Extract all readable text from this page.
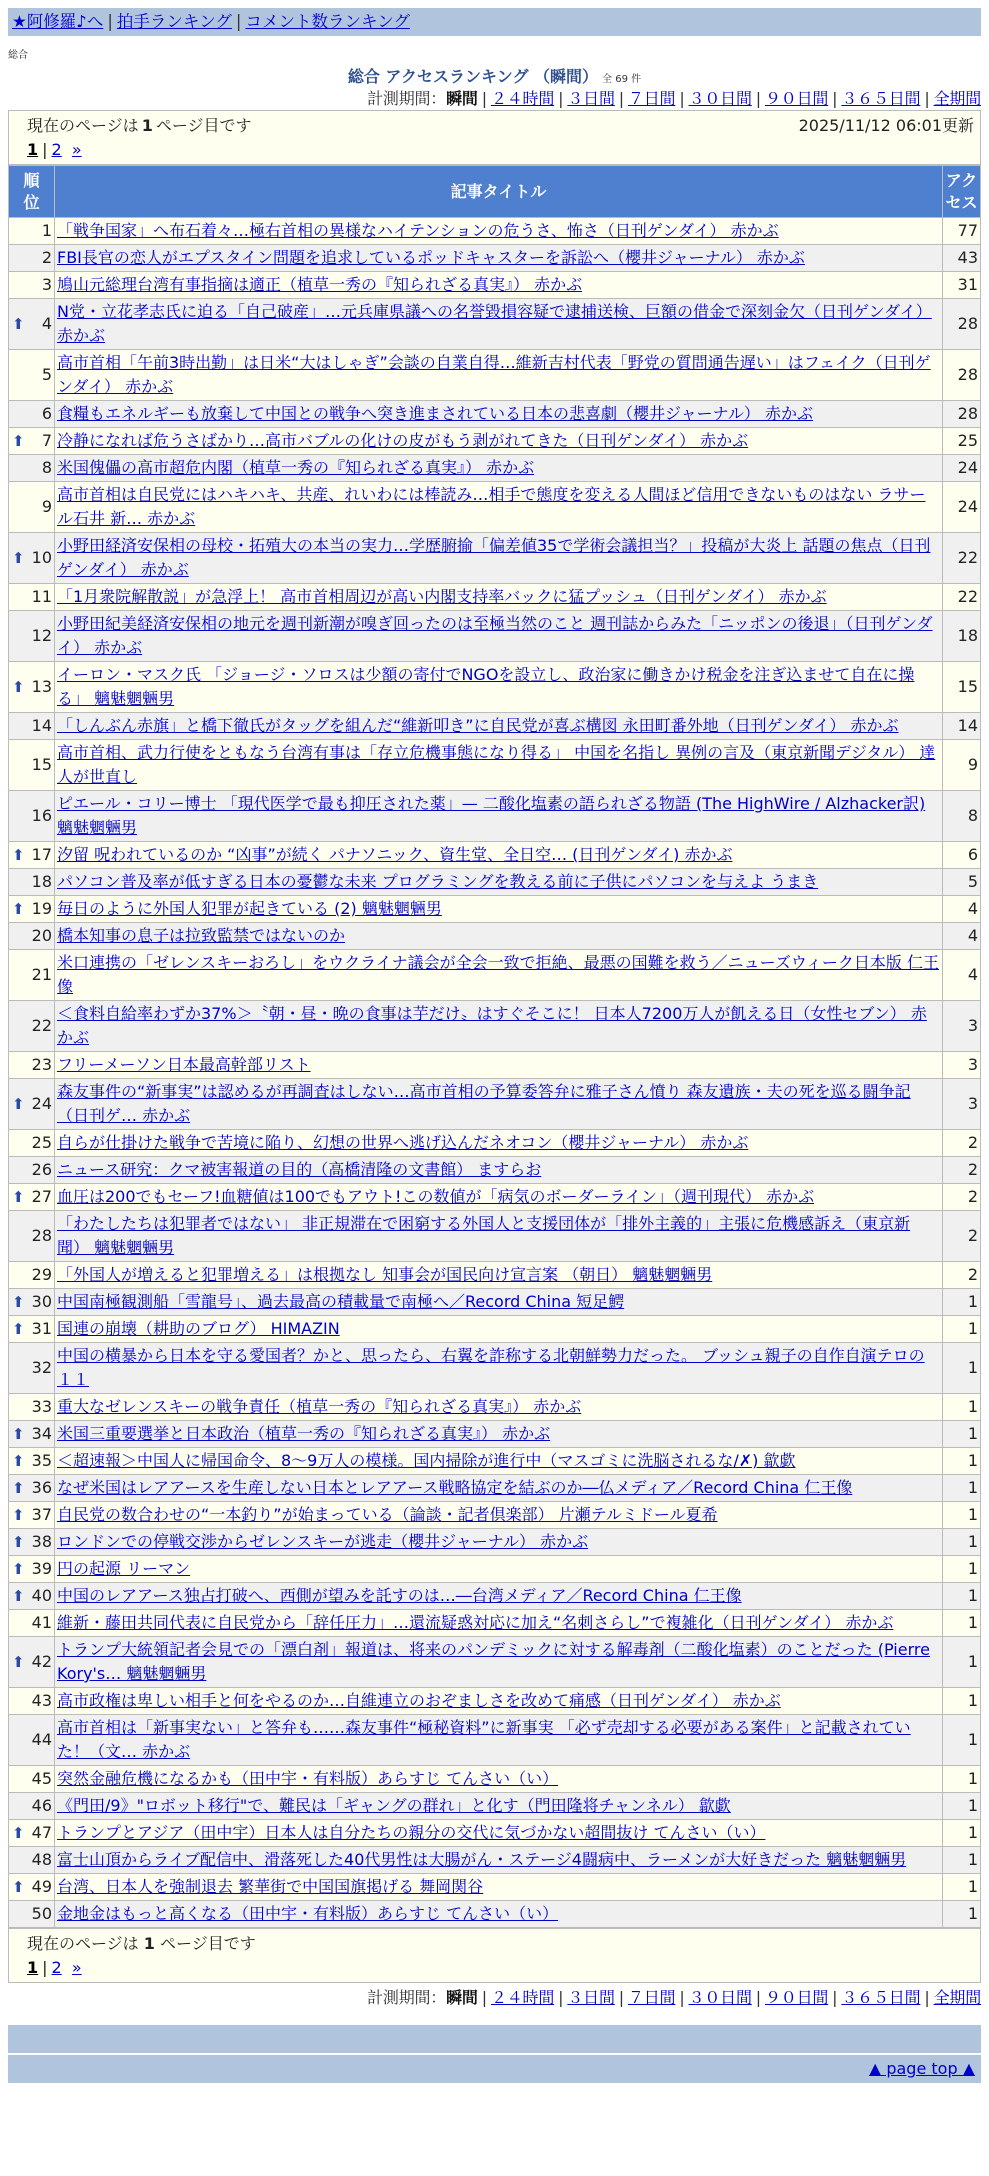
★阿修羅♪へ | 拍手ランキング | コメント数ランキング
総合
総合 アクセスランキング （瞬間） 全 69 件
計測期間：瞬間 | ２４時間 | ３日間 | ７日間 | ３０日間 | ９０日間 | ３６５日間 | 全期間
現在のページは 1 ページ目です	2025/11/12 06:01更新
1 | 2 »
順位	記事タイトル	アクセス
1	「戦争国家」へ布石着々…極右首相の異様なハイテンションの危うさ、怖さ（日刊ゲンダイ） 赤かぶ	77
2	FBI長官の恋人がエプスタイン問題を追求しているポッドキャスターを訴訟へ（櫻井ジャーナル） 赤かぶ	43
3	鳩山元総理台湾有事指摘は適正（植草一秀の『知られざる真実』） 赤かぶ	31

⬆ 4	N党・立花孝志氏に迫る「自己破産」…元兵庫県議への名誉毀損容疑で逮捕送検、巨額の借金で深刻金欠（日刊ゲンダイ） 赤かぶ	28
5	高市首相「午前3時出勤」は日米“大はしゃぎ”会談の自業自得…維新吉村代表「野党の質問通告遅い」はフェイク（日刊ゲンダイ） 赤かぶ	28
6	食糧もエネルギーも放棄して中国との戦争へ突き進まされている日本の悲喜劇（櫻井ジャーナル） 赤かぶ	28

⬆ 7	冷静になれば危うさばかり…高市バブルの化けの皮がもう剥がれてきた（日刊ゲンダイ） 赤かぶ	25
8	米国傀儡の高市超危内閣（植草一秀の『知られざる真実』） 赤かぶ	24
9	高市首相は自民党にはハキハキ、共産、れいわには棒読み…相手で態度を変える人間ほど信用できないものはない ラサール石井 新… 赤かぶ	24

⬆ 10	小野田経済安保相の母校・拓殖大の本当の実力…学歴腑揄「偏差値35で学術会議担当？」投稿が大炎上 話題の焦点（日刊ゲンダイ） 赤かぶ	22
11	「1月衆院解散説」が急浮上！ 高市首相周辺が高い内閣支持率バックに猛プッシュ（日刊ゲンダイ） 赤かぶ	22
12	小野田紀美経済安保相の地元を週刊新潮が嗅ぎ回ったのは至極当然のこと 週刊誌からみた「ニッポンの後退」（日刊ゲンダイ） 赤かぶ	18

⬆ 13	イーロン・マスク氏 「ジョージ・ソロスは少額の寄付でNGOを設立し、政治家に働きかけ税金を注ぎ込ませて自在に操る」 魑魅魍魎男	15
14	「しんぶん赤旗」と橋下徹氏がタッグを組んだ“維新叩き”に自民党が喜ぶ構図 永田町番外地（日刊ゲンダイ） 赤かぶ	14
15	高市首相、武力行使をともなう台湾有事は「存立危機事態になり得る」 中国を名指し 異例の言及（東京新聞デジタル） 達人が世直し	9
16	ピエール・コリー博士 「現代医学で最も抑圧された薬」— 二酸化塩素の語られざる物語 (The HighWire / Alzhacker訳) 魑魅魍魎男	8

⬆ 17	汐留 呪われているのか “凶事”が続く パナソニック、資生堂、全日空… (日刊ゲンダイ) 赤かぶ	6
18	パソコン普及率が低すぎる日本の憂鬱な未来 プログラミングを教える前に子供にパソコンを与えよ うまき	5

⬆ 19	毎日のように外国人犯罪が起きている (2) 魑魅魍魎男	4
20	橋本知事の息子は拉致監禁ではないのか	4
21	米口連携の「ゼレンスキーおろし」をウクライナ議会が全会一致で拒絶、最悪の国難を救う／ニューズウィーク日本版 仁王像	4
22	＜食料自給率わずか37%＞〝朝・昼・晩の食事は芋だけ〟はすぐそこに！ 日本人7200万人が飢える日（女性セブン） 赤かぶ	3
23	フリーメーソン日本最高幹部リスト	3

⬆ 24	森友事件の“新事実”は認めるが再調査はしない…高市首相の予算委答弁に雅子さん憤り 森友遺族・夫の死を巡る闘争記（日刊ゲ… 赤かぶ	3
25	自らが仕掛けた戦争で苦境に陥り、幻想の世界へ逃げ込んだネオコン（櫻井ジャーナル） 赤かぶ	2
26	ニュース研究：クマ被害報道の目的（高橋清隆の文書館） ますらお	2

⬆ 27	血圧は200でもセーフ!血糖値は100でもアウト!この数値が「病気のボーダーライン」（週刊現代） 赤かぶ	2
28	「わたしたちは犯罪者ではない」 非正規滞在で困窮する外国人と支援団体が「排外主義的」主張に危機感訴え（東京新聞） 魑魅魍魎男	2
29	「外国人が増えると犯罪増える」は根拠なし 知事会が国民向け宣言案 （朝日） 魑魅魍魎男	2

⬆ 30	中国南極観測船「雪龍号」、過去最高の積載量で南極へ／Record China 短足鰐	1

⬆ 31	国連の崩壊（耕助のブログ） HIMAZIN	1
32	中国の横暴から日本を守る愛国者？かと、思ったら、右翼を詐称する北朝鮮勢力だった。 ブッシュ親子の自作自演テロの１１	1
33	重大なゼレンスキーの戦争責任（植草一秀の『知られざる真実』） 赤かぶ	1

⬆ 34	米国三重要選挙と日本政治（植草一秀の『知られざる真実』） 赤かぶ	1

⬆ 35	＜超速報＞中国人に帰国命令、8〜9万人の模様。国内掃除が進行中（マスゴミに洗脳されるな/✗) 歙歔	1

⬆ 36	なぜ米国はレアアースを生産しない日本とレアアース戦略協定を結ぶのか―仏メディア／Record China 仁王像	1

⬆ 37	自民党の数合わせの“一本釣り”が始まっている（論談・記者倶楽部） 片瀬テルミドール夏希	1

⬆ 38	ロンドンでの停戦交渉からゼレンスキーが逃走（櫻井ジャーナル） 赤かぶ	1

⬆ 39	円の起源 リーマン	1

⬆ 40	中国のレアアース独占打破へ、西側が望みを託すのは…―台湾メディア／Record China 仁王像	1
41	維新・藤田共同代表に自民党から「辞任圧力」…還流疑惑対応に加え“名刺さらし”で複雑化（日刊ゲンダイ） 赤かぶ	1

⬆ 42	トランプ大統領記者会見での「漂白剤」報道は、将来のパンデミックに対する解毒剤（二酸化塩素）のことだった (Pierre Kory's… 魑魅魍魎男	1
43	高市政権は卑しい相手と何をやるのか…自維連立のおぞましさを改めて痛感（日刊ゲンダイ） 赤かぶ	1
44	高市首相は「新事実ない」と答弁も……森友事件“極秘資料”に新事実 「必ず売却する必要がある案件」と記載されていた！（文… 赤かぶ	1
45	突然金融危機になるかも（田中宇・有料版）あらすじ てんさい（い）	1
46	《門田/9》"ロボット移行"で、難民は「ギャングの群れ」と化す（門田隆将チャンネル） 歙歔	1

⬆ 47	トランプとアジア（田中宇）日本人は自分たちの親分の交代に気づかない超間抜け てんさい（い）	1
48	富士山頂からライブ配信中、滑落死した40代男性は大腸がん・ステージ4闘病中、ラーメンが大好きだった 魑魅魍魎男	1

⬆ 49	台湾、日本人を強制退去 繁華街で中国国旗掲げる 舞岡関谷	1
50	金地金はもっと高くなる（田中宇・有料版）あらすじ てんさい（い）	1
現在のページは 1 ページ目です
1 | 2 »
計測期間：瞬間 | ２４時間 | ３日間 | ７日間 | ３０日間 | ９０日間 | ３６５日間 | 全期間
▲ page top ▲
